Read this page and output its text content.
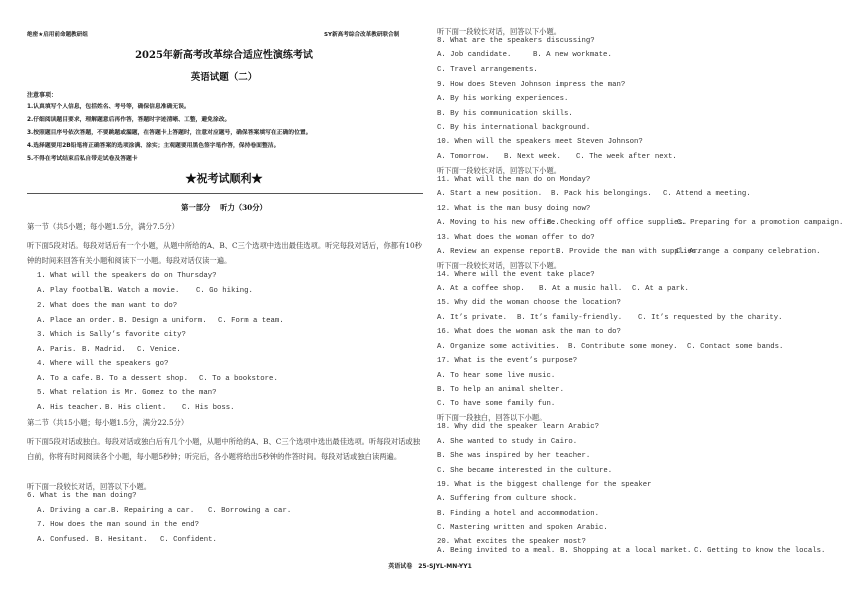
绝密★启用前命题教研组	SY新高考综合改革教研联合制
2025年新高考改革综合适应性演练考试
英语试题（二）
注意事项：
1.认真填写个人信息，包括姓名、考号等，确保信息准确无误。
2.仔细阅读题目要求，理解题意后再作答，答题时字迹清晰、工整，避免涂改。
3.按照题目序号依次答题，不要跳题或漏题，在答题卡上答题时，注意对应题号，确保答案填写在正确的位置。
4.选择题要用2B铅笔将正确答案的选项涂满、涂实；主观题要用黑色签字笔作答，保持卷面整洁。
5.不得在考试结束后私自带走试卷及答题卡
★祝考试顺利★
第一部分　 听力（30分）
第一节（共5小题；每小题1.5分，满分7.5分）
听下面5段对话。每段对话后有一个小题，从题中所给的A、B、C三个选项中选出最佳选项。听完每段对话后，你都有10秒钟的时间来回答有关小题和阅读下一小题。每段对话仅读一遍。
1. What will the speakers do on Thursday?
A. Play football.
B. Watch a movie. C. Go hiking.
2. What does the man want to do?
A. Place an order. B. Design a uniform. C. Form a team.
3. Which is Sally’s favorite city?
A. Paris. B. Madrid. C. Venice.
4. Where will the speakers go?
A. To a cafe. B. To a dessert shop. C. To a bookstore.
5. What relation is Mr. Gomez to the man?
A. His teacher. B. His client. C. His boss.
第二节（共15小题；每小题1.5分，满分22.5分）
听下面5段对话或独白。每段对话或独白后有几个小题，从题中所给的A、B、C三个选项中选出最佳选项。听每段对话或独白前，你将有时间阅读各个小题，每小题5秒钟；听完后，各小题将给出5秒钟的作答时间。每段对话或独白读两遍。
听下面一段较长对话，回答以下小题。
6. What is the man doing?
A. Driving a car. B. Repairing a car. C. Borrowing a car.
7. How does the man sound in the end?
A. Confused. B. Hesitant. C. Confident.
听下面一段较长对话，回答以下小题。
8. What are the speakers discussing?
A. Job candidate.	B. A new workmate.
C. Travel arrangements.
9. How does Steven Johnson impress the man?
A. By his working experiences.
B. By his communication skills.
C. By his international background.
10. When will the speakers meet Steven Johnson?
A. Tomorrow. B. Next week. C. The week after next.
听下面一段较长对话，回答以下小题。
11. What will the man do on Monday?
A. Start a new position. B. Pack his belongings. C. Attend a meeting.
12. What is the man busy doing now?
A. Moving to his new office.
B. Checking off office supplies.
C. Preparing for a promotion campaign.
13. What does the woman offer to do?
A. Review an expense report.
B. Provide the man with supplies.
C. Arrange a company celebration.
听下面一段较长对话，回答以下小题。
14. Where will the event take place?
A. At a coffee shop. B. At a music hall. C. At a park.
15. Why did the woman choose the location?
A. It’s private. B. It’s family-friendly. C. It’s requested by the charity.
16. What does the woman ask the man to do?
A. Organize some activities. B. Contribute some money. C. Contact some bands.
17. What is the event’s purpose?
A. To hear some live music.
B. To help an animal shelter.
C. To have some family fun.
听下面一段独白，回答以下小题。
18. Why did the speaker learn Arabic?
A. She wanted to study in Cairo.
B. She was inspired by her teacher.
C. She became interested in the culture.
19. What is the biggest challenge for the speaker
A. Suffering from culture shock.
B. Finding a hotel and accommodation.
C. Mastering written and spoken Arabic.
20. What excites the speaker most?
A. Being invited to a meal. B. Shopping at a local market. C. Getting to know the locals.
英语试卷　25-SJYL-MN-YY1
